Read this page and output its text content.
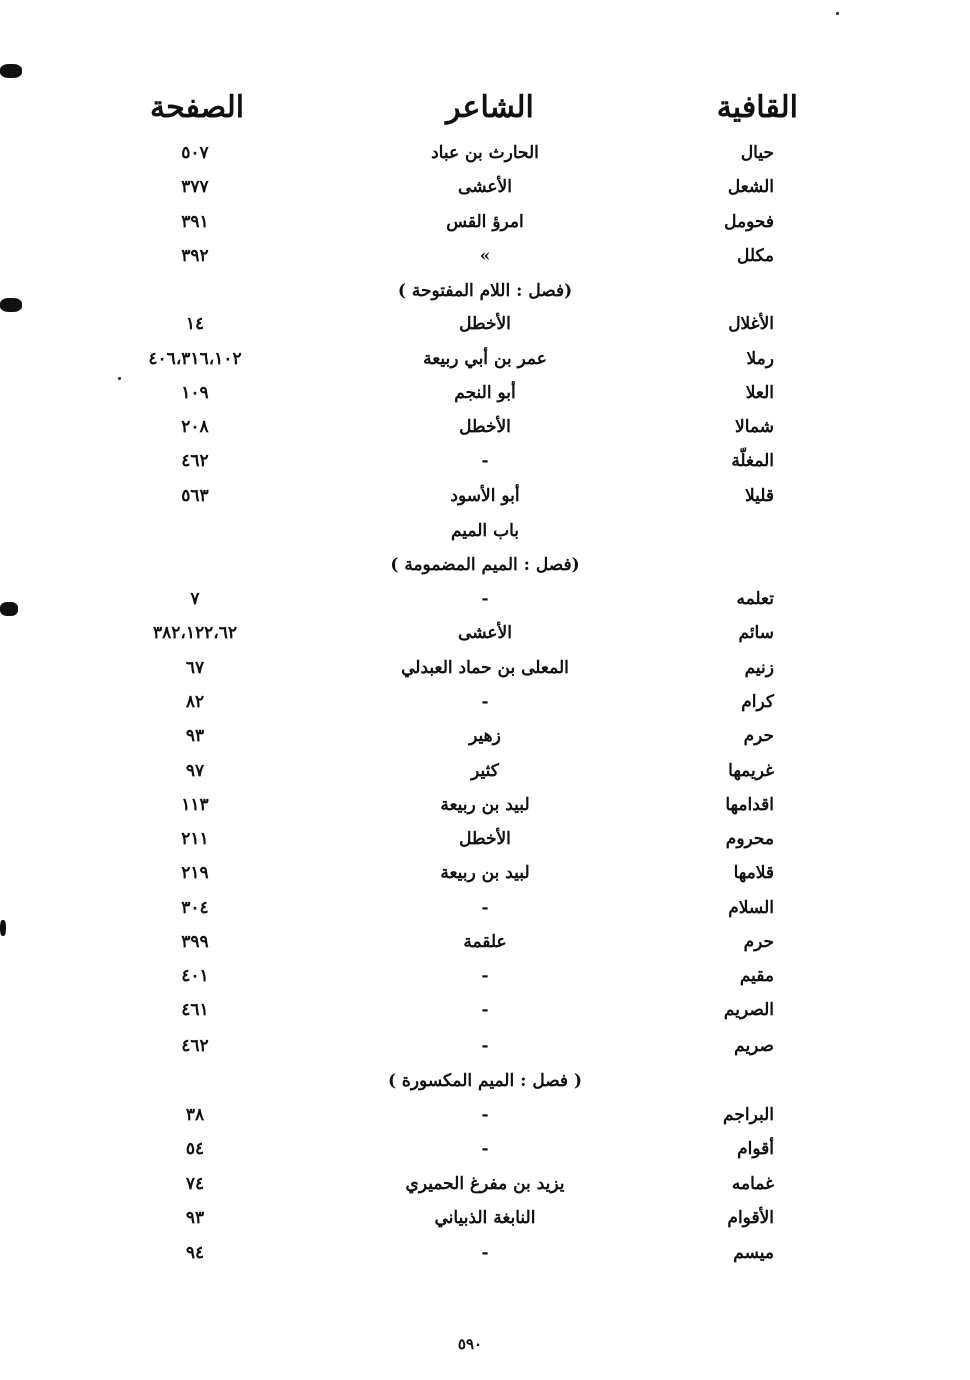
القافية
الشاعر
الصفحة
حيال
الحارث بن عباد
٥٠٧
الشعل
الأعشى
٣٧٧
فحومل
امرؤ القس
٣٩١
مكلل
»
٣٩٢
(فصل : اللام المفتوحة )
الأغلال
الأخطل
١٤
رملا
عمر بن أبي ربيعة
٤٠٦،٣١٦،١٠٢
العلا
أبو النجم
١٠٩
شمالا
الأخطل
٢٠٨
المغلّة
-
٤٦٢
قليلا
أبو الأسود
٥٦٣
باب الميم
(فصل : الميم المضمومة )
تعلمه
-
٧
سائم
الأعشى
٣٨٢،١٢٢،٦٢
زنيم
المعلى بن حماد العبدلي
٦٧
كرام
-
٨٢
حرم
زهير
٩٣
غريمها
كثير
٩٧
اقدامها
لبيد بن ربيعة
١١٣
محروم
الأخطل
٢١١
قلامها
لبيد بن ربيعة
٢١٩
السلام
-
٣٠٤
حرم
علقمة
٣٩٩
مقيم
-
٤٠١
الصريم
-
٤٦١
صريم
-
٤٦٢
( فصل : الميم المكسورة )
البراجم
-
٣٨
أقوام
-
٥٤
غمامه
يزيد بن مفرغ الحميري
٧٤
الأقوام
النابغة الذبياني
٩٣
ميسم
-
٩٤
٥٩٠
